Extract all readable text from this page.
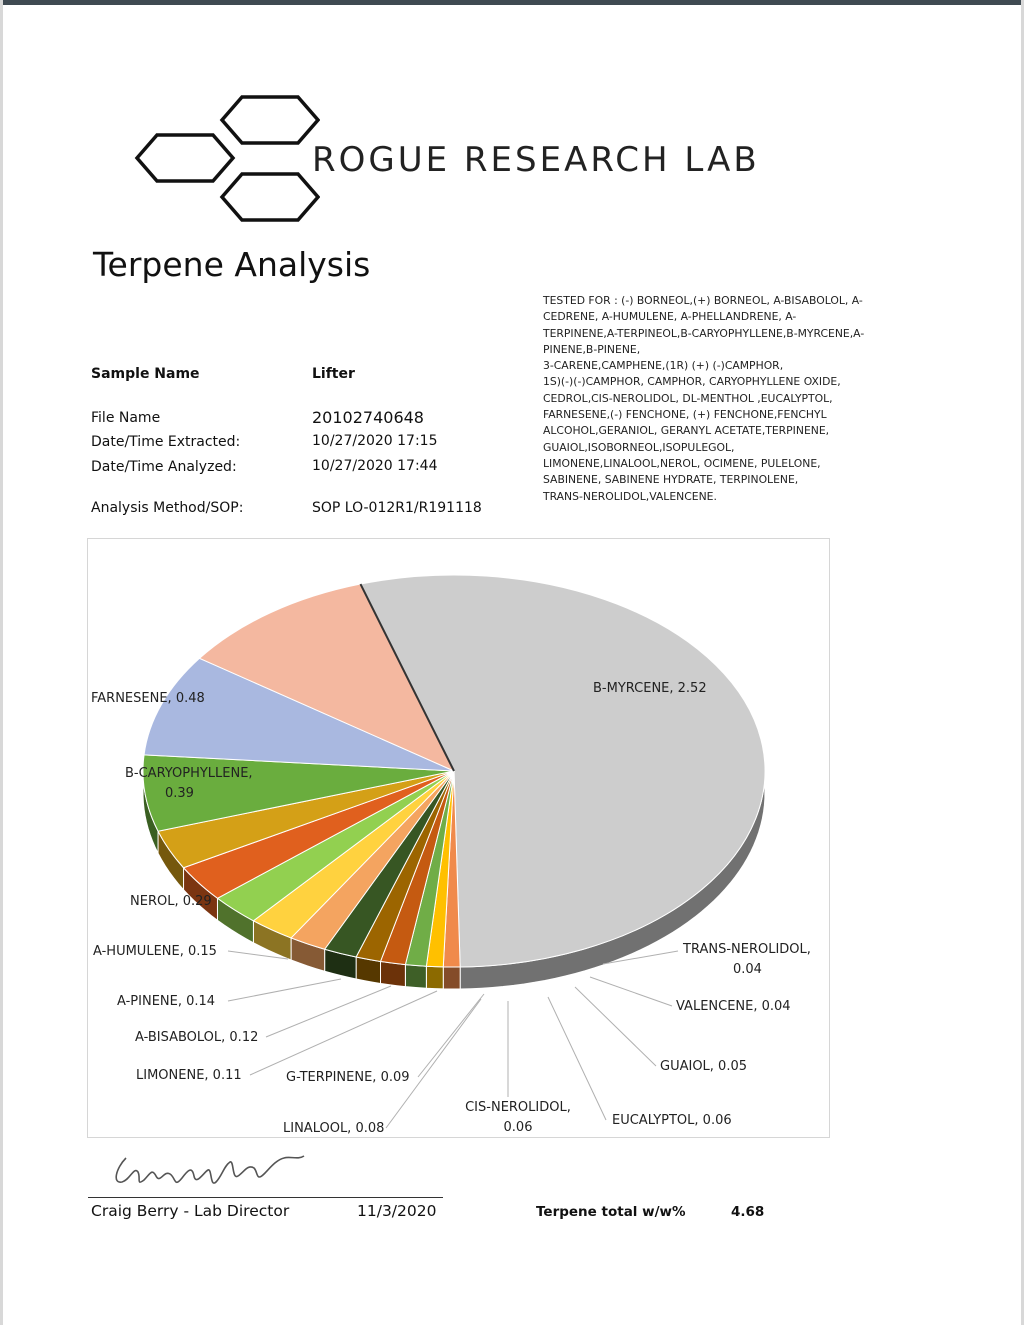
ROGUE RESEARCH LAB
Terpene Analysis
TESTED FOR : (-) BORNEOL,(+) BORNEOL, A-BISABOLOL, A-
CEDRENE, A-HUMULENE, A-PHELLANDRENE, A-
TERPINENE,A-TERPINEOL,B-CARYOPHYLLENE,B-MYRCENE,A-
PINENE,B-PINENE,
3-CARENE,CAMPHENE,(1R) (+) (-)CAMPHOR,
1S)(-)(-)CAMPHOR, CAMPHOR, CARYOPHYLLENE OXIDE,
CEDROL,CIS-NEROLIDOL, DL-MENTHOL ,EUCALYPTOL,
FARNESENE,(-) FENCHONE, (+) FENCHONE,FENCHYL
ALCOHOL,GERANIOL, GERANYL ACETATE,TERPINENE,
GUAIOL,ISOBORNEOL,ISOPULEGOL,
LIMONENE,LINALOOL,NEROL, OCIMENE, PULELONE,
SABINENE, SABINENE HYDRATE, TERPINOLENE,
TRANS-NEROLIDOL,VALENCENE.
Sample Name	Lifter
File Name	20102740648
Date/Time Extracted:	10/27/2020 17:15
Date/Time Analyzed:	10/27/2020 17:44
Analysis Method/SOP:	SOP LO-012R1/R191118
B-MYRCENE, 2.52
TRANS-NEROLIDOL, 0.04
VALENCENE, 0.04
GUAIOL, 0.05
EUCALYPTOL, 0.06
CIS-NEROLIDOL, 0.06
LINALOOL, 0.08
G-TERPINENE, 0.09
LIMONENE, 0.11
A-BISABOLOL, 0.12
A-PINENE, 0.14
A-HUMULENE, 0.15
NEROL, 0.29
B-CARYOPHYLLENE, 0.39
FARNESENE, 0.48
Craig Berry - Lab Director	11/3/2020	Terpene total w/w%	4.68
